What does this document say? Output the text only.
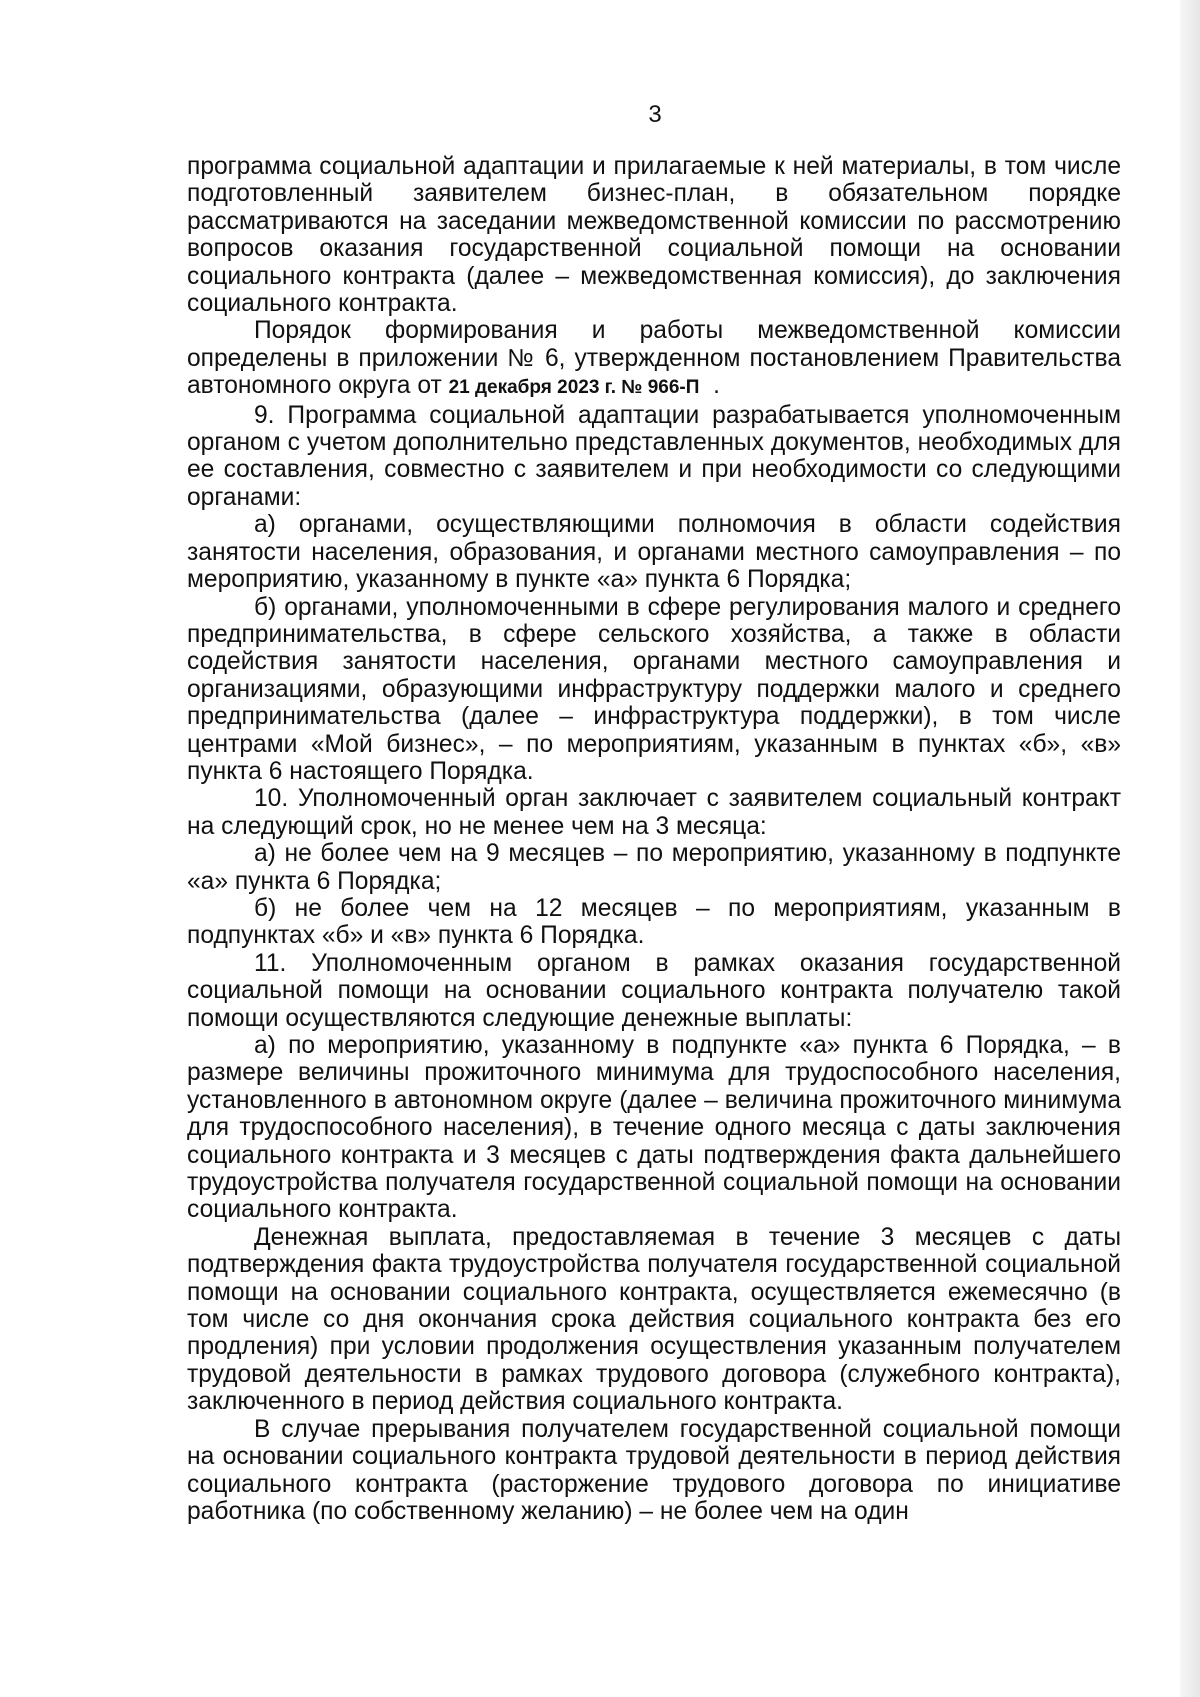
3

программа социальной адаптации и прилагаемые к ней материалы, в том числе подготовленный заявителем бизнес-план, в обязательном порядке рассматриваются на заседании межведомственной комиссии по рассмотрению вопросов оказания государственной социальной помощи на основании социального контракта (далее – межведомственная комиссия), до заключения социального контракта.

Порядок формирования и работы межведомственной комиссии определены в приложении № 6, утвержденном постановлением Правительства автономного округа от 21 декабря 2023 г. № 966-П .

9. Программа социальной адаптации разрабатывается уполномоченным органом с учетом дополнительно представленных документов, необходимых для ее составления, совместно с заявителем и при необходимости со следующими органами:

а) органами, осуществляющими полномочия в области содействия занятости населения, образования, и органами местного самоуправления – по мероприятию, указанному в пункте «а» пункта 6 Порядка;

б) органами, уполномоченными в сфере регулирования малого и среднего предпринимательства, в сфере сельского хозяйства, а также в области содействия занятости населения, органами местного самоуправления и организациями, образующими инфраструктуру поддержки малого и среднего предпринимательства (далее – инфраструктура поддержки), в том числе центрами «Мой бизнес», – по мероприятиям, указанным в пунктах «б», «в» пункта 6 настоящего Порядка.

10. Уполномоченный орган заключает с заявителем социальный контракт на следующий срок, но не менее чем на 3 месяца:

а) не более чем на 9 месяцев – по мероприятию, указанному в подпункте «а» пункта 6 Порядка;

б) не более чем на 12 месяцев – по мероприятиям, указанным в подпунктах «б» и «в» пункта 6 Порядка.

11. Уполномоченным органом в рамках оказания государственной социальной помощи на основании социального контракта получателю такой помощи осуществляются следующие денежные выплаты:

а) по мероприятию, указанному в подпункте «а» пункта 6 Порядка, – в размере величины прожиточного минимума для трудоспособного населения, установленного в автономном округе (далее – величина прожиточного минимума для трудоспособного населения), в течение одного месяца с даты заключения социального контракта и 3 месяцев с даты подтверждения факта дальнейшего трудоустройства получателя государственной социальной помощи на основании социального контракта.

Денежная выплата, предоставляемая в течение 3 месяцев с даты подтверждения факта трудоустройства получателя государственной социальной помощи на основании социального контракта, осуществляется ежемесячно (в том числе со дня окончания срока действия социального контракта без его продления) при условии продолжения осуществления указанным получателем трудовой деятельности в рамках трудового договора (служебного контракта), заключенного в период действия социального контракта.

В случае прерывания получателем государственной социальной помощи на основании социального контракта трудовой деятельности в период действия социального контракта (расторжение трудового договора по инициативе работника (по собственному желанию) – не более чем на один
